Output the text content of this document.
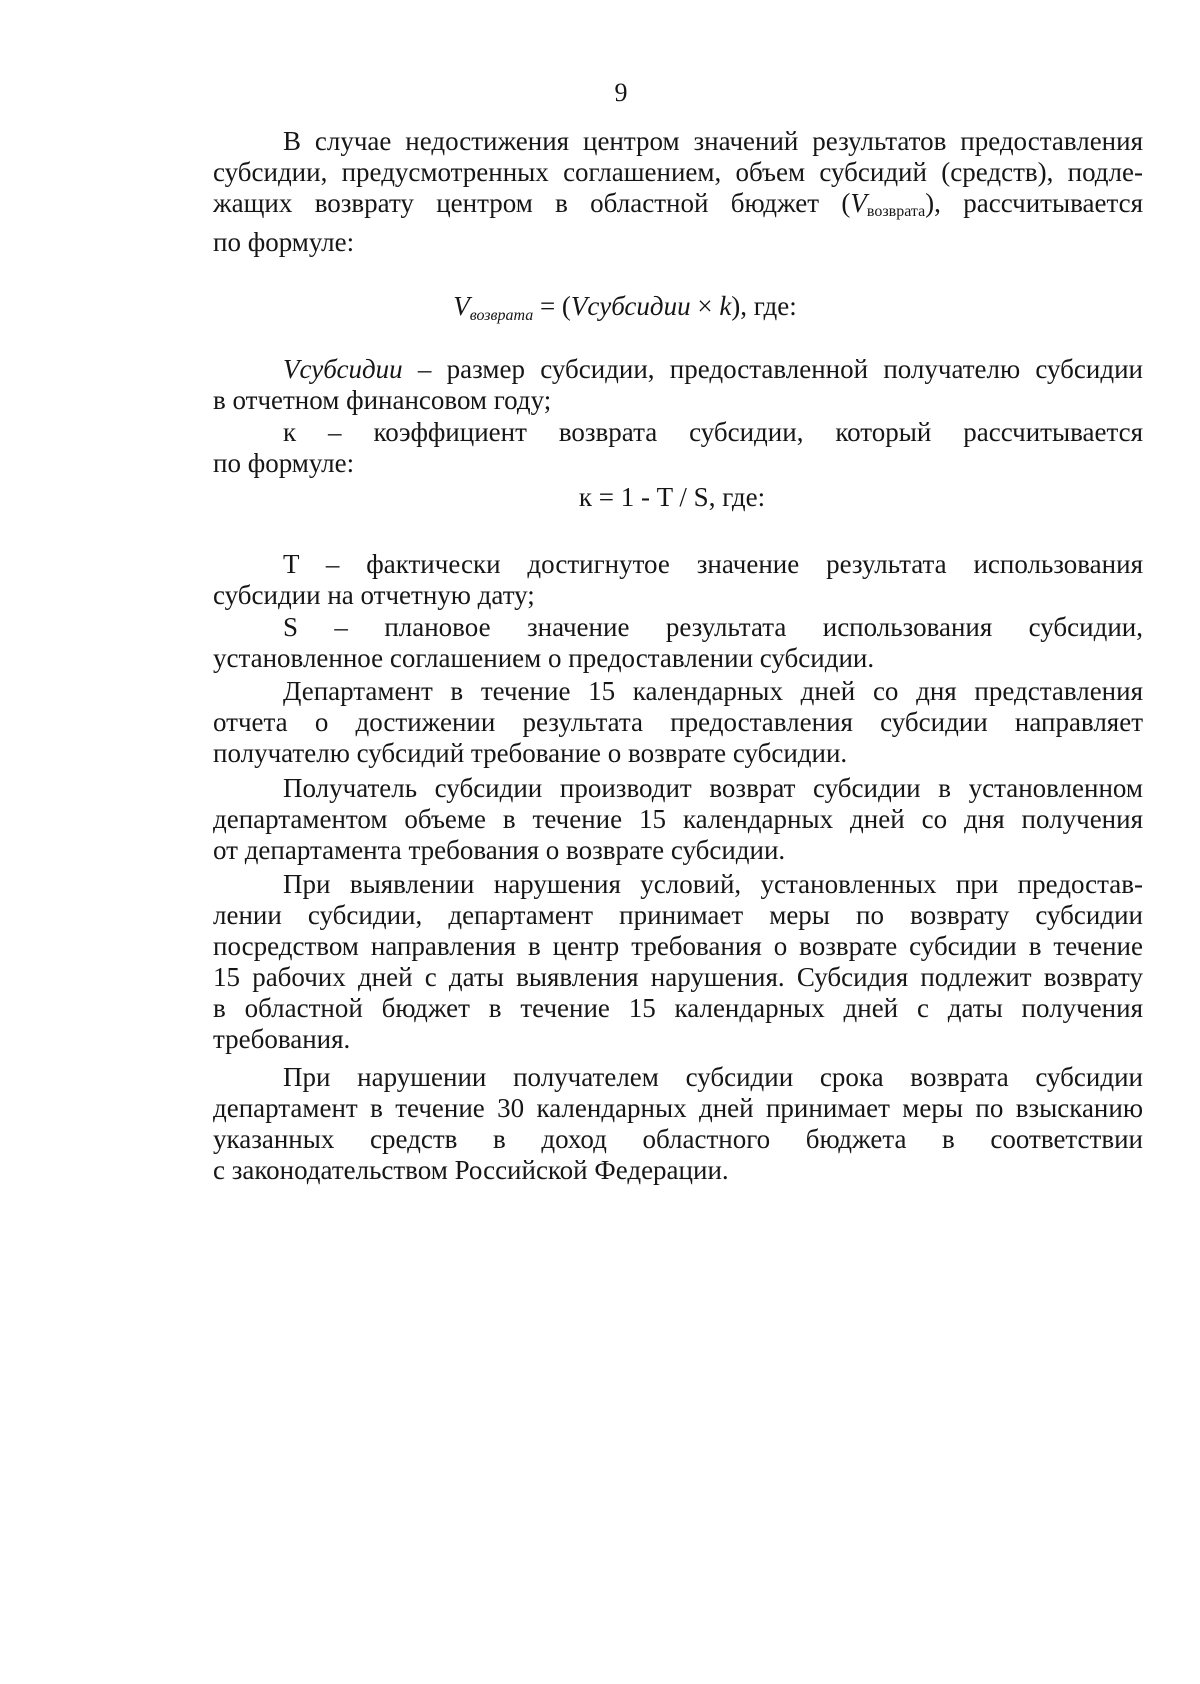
9
В случае недостижения центром значений результатов предоставления
субсидии, предусмотренных соглашением, объем субсидий (средств), подле-
жащих возврату центром в областной бюджет (Vвозврата), рассчитывается
по формуле:
$V_{возврата}$ = (Vсубсидии × k), где:
Vсубсидии – размер субсидии, предоставленной получателю субсидии
в отчетном финансовом году;
к – коэффициент возврата субсидии, который рассчитывается
по формуле:
к = 1 - T / S, где:
T – фактически достигнутое значение результата использования
субсидии на отчетную дату;
S – плановое значение результата использования субсидии,
установленное соглашением о предоставлении субсидии.
Департамент в течение 15 календарных дней со дня представления
отчета о достижении результата предоставления субсидии направляет
получателю субсидий требование о возврате субсидии.
Получатель субсидии производит возврат субсидии в установленном
департаментом объеме в течение 15 календарных дней со дня получения
от департамента требования о возврате субсидии.
При выявлении нарушения условий, установленных при предостав-
лении субсидии, департамент принимает меры по возврату субсидии
посредством направления в центр требования о возврате субсидии в течение
15 рабочих дней с даты выявления нарушения. Субсидия подлежит возврату
в областной бюджет в течение 15 календарных дней с даты получения
требования.
При нарушении получателем субсидии срока возврата субсидии
департамент в течение 30 календарных дней принимает меры по взысканию
указанных средств в доход областного бюджета в соответствии
с законодательством Российской Федерации.
